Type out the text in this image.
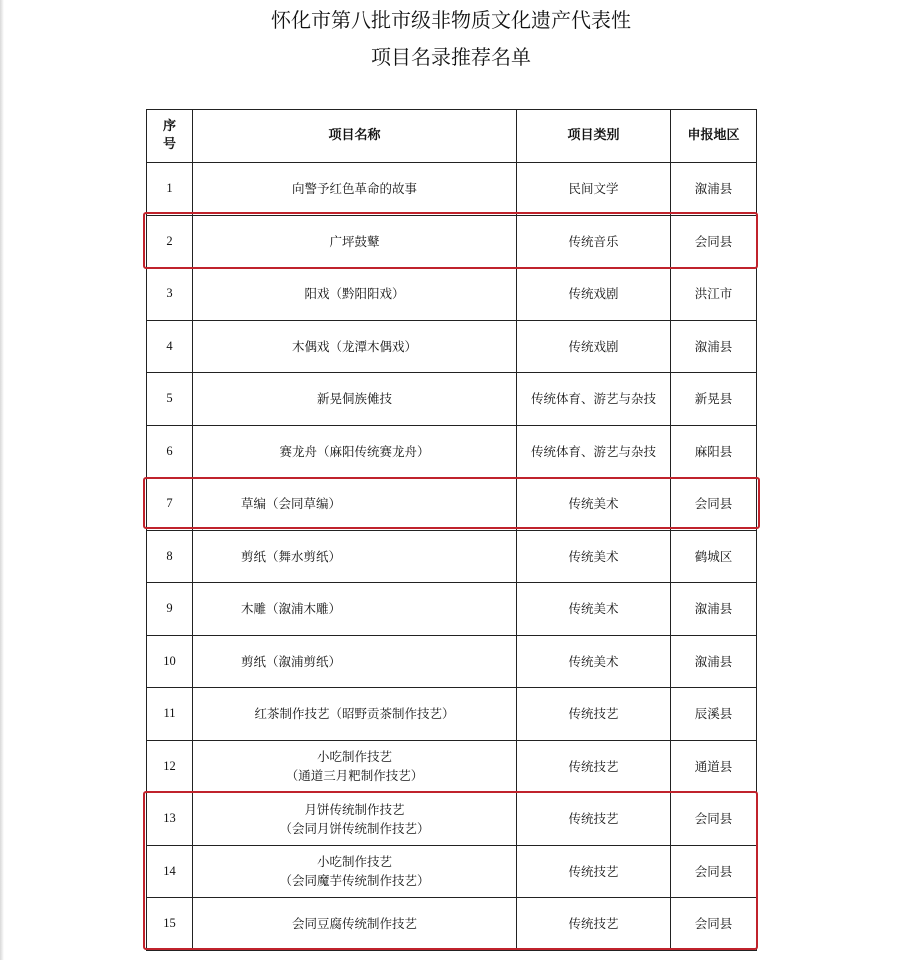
怀化市第八批市级非物质文化遗产代表性
项目名录推荐名单
序号	项目名称	项目类别	申报地区
1	向警予红色革命的故事	民间文学	溆浦县
2	广坪鼓鼙	传统音乐	会同县
3	阳戏（黔阳阳戏）	传统戏剧	洪江市
4	木偶戏（龙潭木偶戏）	传统戏剧	溆浦县
5	新晃侗族傩技	传统体育、游艺与杂技	新晃县
6	赛龙舟（麻阳传统赛龙舟）	传统体育、游艺与杂技	麻阳县
7	草编（会同草编）	传统美术	会同县
8	剪纸（舞水剪纸）	传统美术	鹤城区
9	木雕（溆浦木雕）	传统美术	溆浦县
10	剪纸（溆浦剪纸）	传统美术	溆浦县
11	红茶制作技艺（昭野贡茶制作技艺）	传统技艺	辰溪县
12	小吃制作技艺
（通道三月粑制作技艺）	传统技艺	通道县
13	月饼传统制作技艺
（会同月饼传统制作技艺）	传统技艺	会同县
14	小吃制作技艺
（会同魔芋传统制作技艺）	传统技艺	会同县
15	会同豆腐传统制作技艺	传统技艺	会同县
